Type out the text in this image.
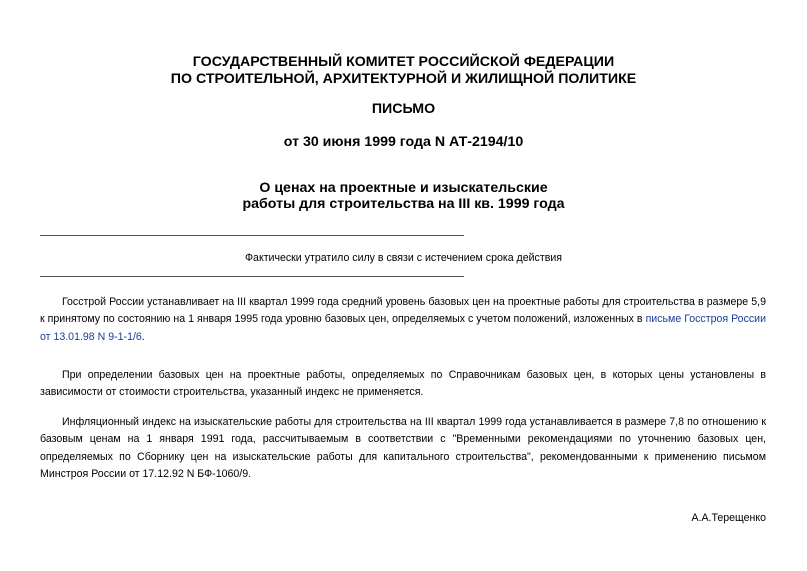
ГОСУДАРСТВЕННЫЙ КОМИТЕТ РОССИЙСКОЙ ФЕДЕРАЦИИ
ПО СТРОИТЕЛЬНОЙ, АРХИТЕКТУРНОЙ И ЖИЛИЩНОЙ ПОЛИТИКЕ
ПИСЬМО
от 30 июня 1999 года N АТ-2194/10
О ценах на проектные и изыскательские
работы для строительства на III кв. 1999 года
Фактически утратило силу в связи с истечением срока действия

Госстрой России устанавливает на III квартал 1999 года средний уровень базовых цен на проектные работы для строительства в размере 5,9 к принятому по состоянию на 1 января 1995 года уровню базовых цен, определяемых с учетом положений, изложенных в письме Госстроя России от 13.01.98 N 9-1-1/6.

При определении базовых цен на проектные работы, определяемых по Справочникам базовых цен, в которых цены установлены в зависимости от стоимости строительства, указанный индекс не применяется.

Инфляционный индекс на изыскательские работы для строительства на III квартал 1999 года устанавливается в размере 7,8 по отношению к базовым ценам на 1 января 1991 года, рассчитываемым в соответствии с "Временными рекомендациями по уточнению базовых цен, определяемых по Сборнику цен на изыскательские работы для капитального строительства", рекомендованными к применению письмом Минстроя России от 17.12.92 N БФ-1060/9.

А.А.Терещенко
